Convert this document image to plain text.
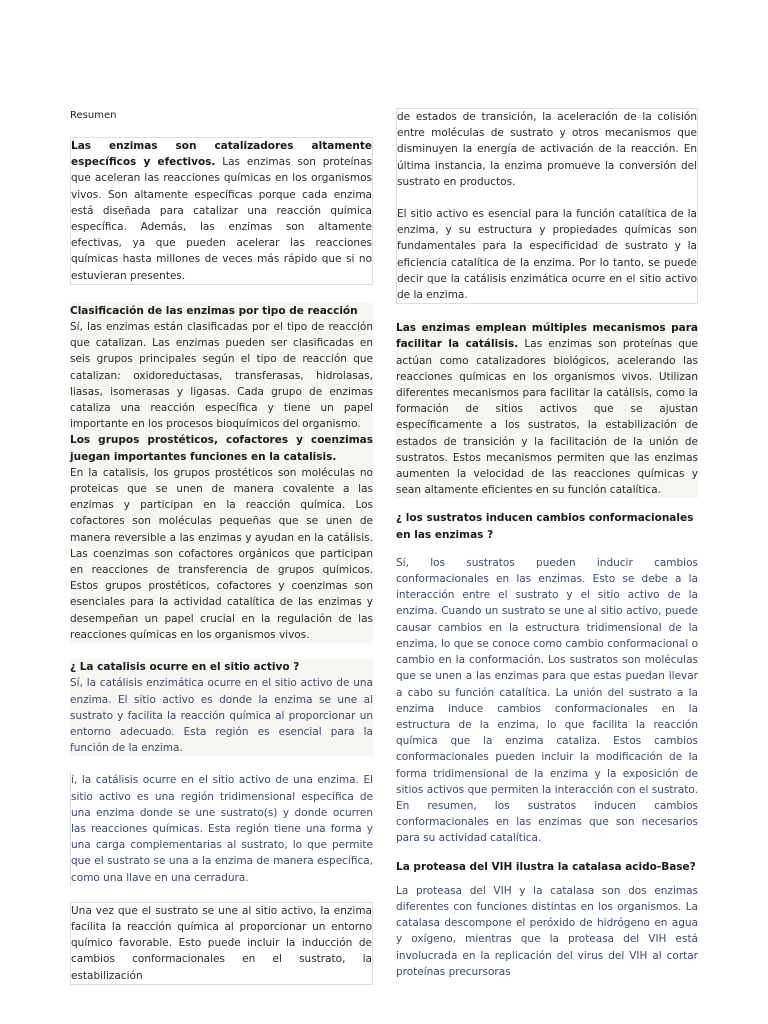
Resumen

Las enzimas son catalizadores altamente específicos y efectivos. Las enzimas son proteínas que aceleran las reacciones químicas en los organismos vivos. Son altamente específicas porque cada enzima está diseñada para catalizar una reacción química específica. Además, las enzimas son altamente efectivas, ya que pueden acelerar las reacciones químicas hasta millones de veces más rápido que si no estuvieran presentes.

Clasificación de las enzimas por tipo de reacción
Sí, las enzimas están clasificadas por el tipo de reacción que catalizan. Las enzimas pueden ser clasificadas en seis grupos principales según el tipo de reacción que catalizan: oxidoreductasas, transferasas, hidrolasas, liasas, isomerasas y ligasas. Cada grupo de enzimas cataliza una reacción específica y tiene un papel importante en los procesos bioquímicos del organismo.

Los grupos prostéticos, cofactores y coenzimas juegan importantes funciones en la catalisis.
En la catalisis, los grupos prostéticos son moléculas no proteicas que se unen de manera covalente a las enzimas y participan en la reacción química. Los cofactores son moléculas pequeñas que se unen de manera reversible a las enzimas y ayudan en la catálisis. Las coenzimas son cofactores orgánicos que participan en reacciones de transferencia de grupos químicos. Estos grupos prostéticos, cofactores y coenzimas son esenciales para la actividad catalítica de las enzimas y desempeñan un papel crucial en la regulación de las reacciones químicas en los organismos vivos.

¿ La catalisis ocurre en el sitio activo ?
Sí, la catálisis enzimática ocurre en el sitio activo de una enzima. El sitio activo es donde la enzima se une al sustrato y facilita la reacción química al proporcionar un entorno adecuado. Esta región es esencial para la función de la enzima.

í, la catálisis ocurre en el sitio activo de una enzima. El sitio activo es una región tridimensional específica de una enzima donde se une sustrato(s) y donde ocurren las reacciones químicas. Esta región tiene una forma y una carga complementarias al sustrato, lo que permite que el sustrato se una a la enzima de manera específica, como una llave en una cerradura.

Una vez que el sustrato se une al sitio activo, la enzima facilita la reacción química al proporcionar un entorno químico favorable. Esto puede incluir la inducción de cambios conformacionales en el sustrato, la estabilización

de estados de transición, la aceleración de la colisión entre moléculas de sustrato y otros mecanismos que disminuyen la energía de activación de la reacción. En última instancia, la enzima promueve la conversión del sustrato en productos.
El sitio activo es esencial para la función catalítica de la enzima, y su estructura y propiedades químicas son fundamentales para la especificidad de sustrato y la eficiencia catalítica de la enzima. Por lo tanto, se puede decir que la catálisis enzimática ocurre en el sitio activo de la enzima.

Las enzimas emplean múltiples mecanismos para facilitar la catálisis. Las enzimas son proteínas que actúan como catalizadores biológicos, acelerando las reacciones químicas en los organismos vivos. Utilizan diferentes mecanismos para facilitar la catálisis, como la formación de sitios activos que se ajustan específicamente a los sustratos, la estabilización de estados de transición y la facilitación de la unión de sustratos. Estos mecanismos permiten que las enzimas aumenten la velocidad de las reacciones químicas y sean altamente eficientes en su función catalítica.

¿ los sustratos inducen cambios conformacionales en las enzimas ?

Sí, los sustratos pueden inducir cambios conformacionales en las enzimas. Esto se debe a la interacción entre el sustrato y el sitio activo de la enzima. Cuando un sustrato se une al sitio activo, puede causar cambios en la estructura tridimensional de la enzima, lo que se conoce como cambio conformacional o cambio en la conformación. Los sustratos son moléculas que se unen a las enzimas para que estas puedan llevar a cabo su función catalítica. La unión del sustrato a la enzima induce cambios conformacionales en la estructura de la enzima, lo que facilita la reacción química que la enzima cataliza. Estos cambios conformacionales pueden incluir la modificación de la forma tridimensional de la enzima y la exposición de sitios activos que permiten la interacción con el sustrato. En resumen, los sustratos inducen cambios conformacionales en las enzimas que son necesarios para su actividad catalítica.

La proteasa del VIH ilustra la catalasa acido-Base?

La proteasa del VIH y la catalasa son dos enzimas diferentes con funciones distintas en los organismos. La catalasa descompone el peróxido de hidrógeno en agua y oxígeno, mientras que la proteasa del VIH está involucrada en la replicación del virus del VIH al cortar proteínas precursoras
